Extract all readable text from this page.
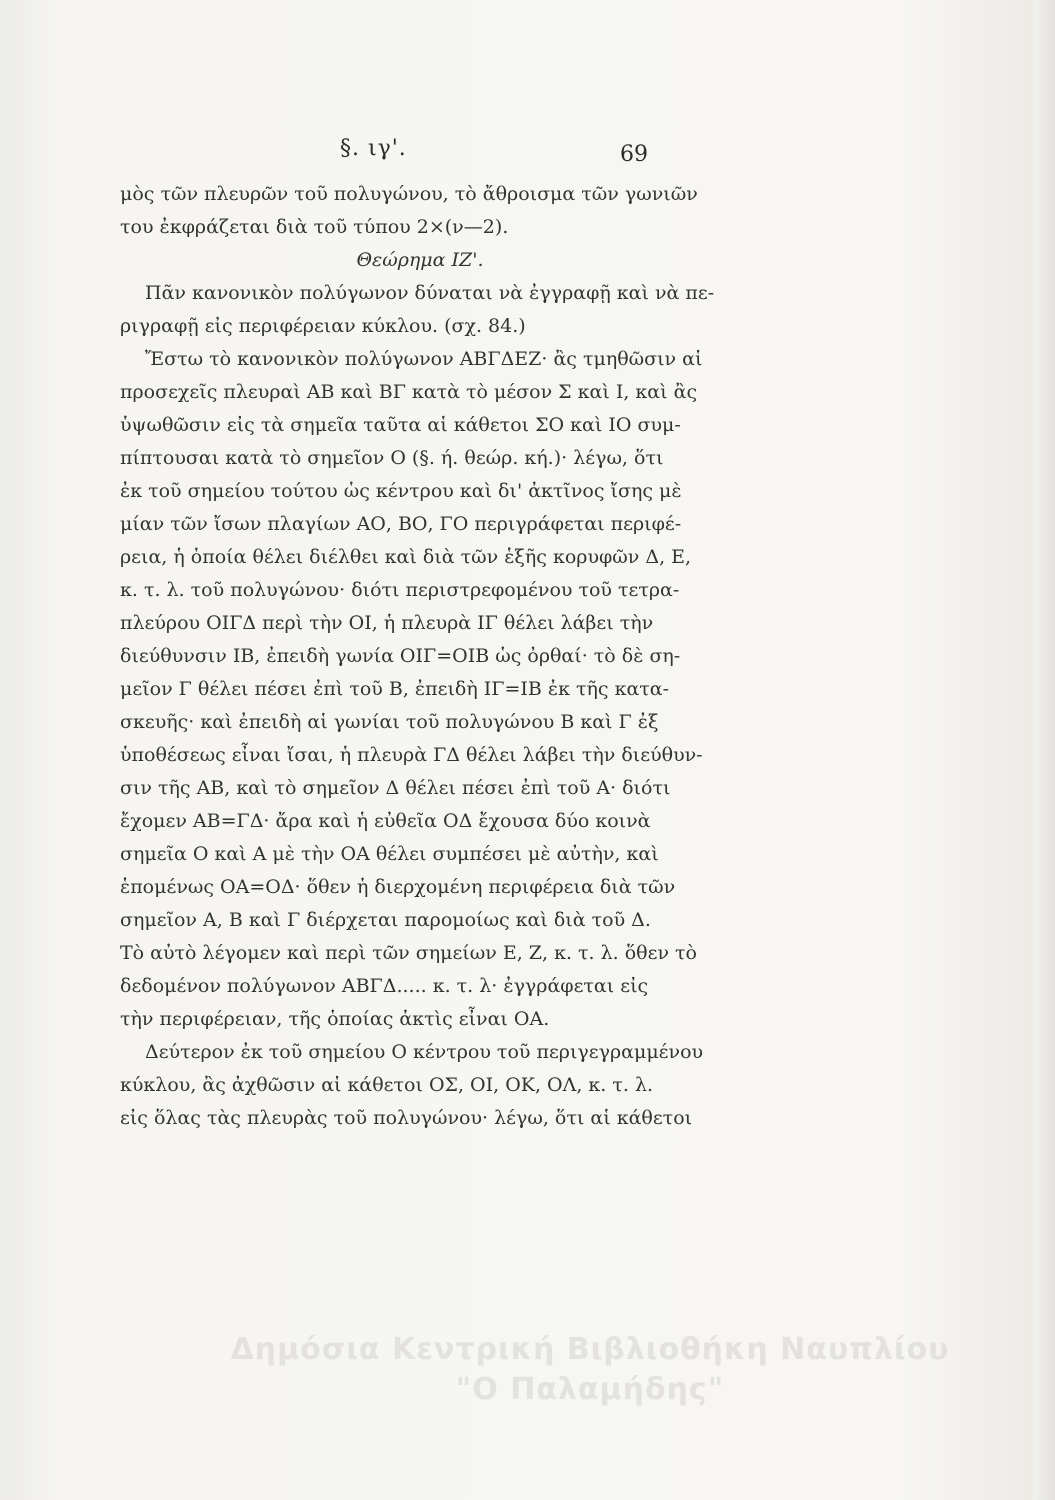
§. ιγ'.	69
μὸς τῶν πλευρῶν τοῦ πολυγώνου, τὸ ἄθροισμα τῶν γωνιῶν
του ἐκφράζεται διὰ τοῦ τύπου 2×(ν—2).
Θεώρημα ΙΖ'.
Πᾶν κανονικὸν πολύγωνον δύναται νὰ ἐγγραφῇ καὶ νὰ πε-
ριγραφῇ εἰς περιφέρειαν κύκλου. (σχ. 84.)
Ἔστω τὸ κανονικὸν πολύγωνον ΑΒΓΔΕΖ· ἂς τμηθῶσιν αἱ
προσεχεῖς πλευραὶ ΑΒ καὶ ΒΓ κατὰ τὸ μέσον Σ καὶ Ι, καὶ ἂς
ὑψωθῶσιν εἰς τὰ σημεῖα ταῦτα αἱ κάθετοι ΣΟ καὶ ΙΟ συμ-
πίπτουσαι κατὰ τὸ σημεῖον Ο (§. ή. θεώρ. κή.)· λέγω, ὅτι
ἐκ τοῦ σημείου τούτου ὡς κέντρου καὶ δι' ἀκτῖνος ἴσης μὲ
μίαν τῶν ἴσων πλαγίων ΑΟ, ΒΟ, ΓΟ περιγράφεται περιφέ-
ρεια, ἡ ὁποία θέλει διέλθει καὶ διὰ τῶν ἑξῆς κορυφῶν Δ, Ε,
κ. τ. λ. τοῦ πολυγώνου· διότι περιστρεφομένου τοῦ τετρα-
πλεύρου ΟΙΓΔ περὶ τὴν ΟΙ, ἡ πλευρὰ ΙΓ θέλει λάβει τὴν
διεύθυνσιν ΙΒ, ἐπειδὴ γωνία ΟΙΓ=ΟΙΒ ὡς ὀρθαί· τὸ δὲ ση-
μεῖον Γ θέλει πέσει ἐπὶ τοῦ Β, ἐπειδὴ ΙΓ=ΙΒ ἐκ τῆς κατα-
σκευῆς· καὶ ἐπειδὴ αἱ γωνίαι τοῦ πολυγώνου Β καὶ Γ ἐξ
ὑποθέσεως εἶναι ἴσαι, ἡ πλευρὰ ΓΔ θέλει λάβει τὴν διεύθυν-
σιν τῆς ΑΒ, καὶ τὸ σημεῖον Δ θέλει πέσει ἐπὶ τοῦ Α· διότι
ἔχομεν ΑΒ=ΓΔ· ἄρα καὶ ἡ εὐθεῖα ΟΔ ἔχουσα δύο κοινὰ
σημεῖα Ο καὶ Α μὲ τὴν ΟΑ θέλει συμπέσει μὲ αὐτὴν, καὶ
ἑπομένως ΟΑ=ΟΔ· ὅθεν ἡ διερχομένη περιφέρεια διὰ τῶν
σημεῖον Α, Β καὶ Γ διέρχεται παρομοίως καὶ διὰ τοῦ Δ.
Τὸ αὐτὸ λέγομεν καὶ περὶ τῶν σημείων Ε, Ζ, κ. τ. λ. ὅθεν τὸ
δεδομένον πολύγωνον ΑΒΓΔ..... κ. τ. λ· ἐγγράφεται εἰς
τὴν περιφέρειαν, τῆς ὁποίας ἀκτὶς εἶναι ΟΑ.
Δεύτερον ἐκ τοῦ σημείου Ο κέντρου τοῦ περιγεγραμμένου
κύκλου, ἂς ἀχθῶσιν αἱ κάθετοι ΟΣ, ΟΙ, ΟΚ, ΟΛ, κ. τ. λ.
εἰς ὅλας τὰς πλευρὰς τοῦ πολυγώνου· λέγω, ὅτι αἱ κάθετοι
Δημόσια Κεντρική Βιβλιοθήκη Ναυπλίου
"Ο Παλαμήδης"
